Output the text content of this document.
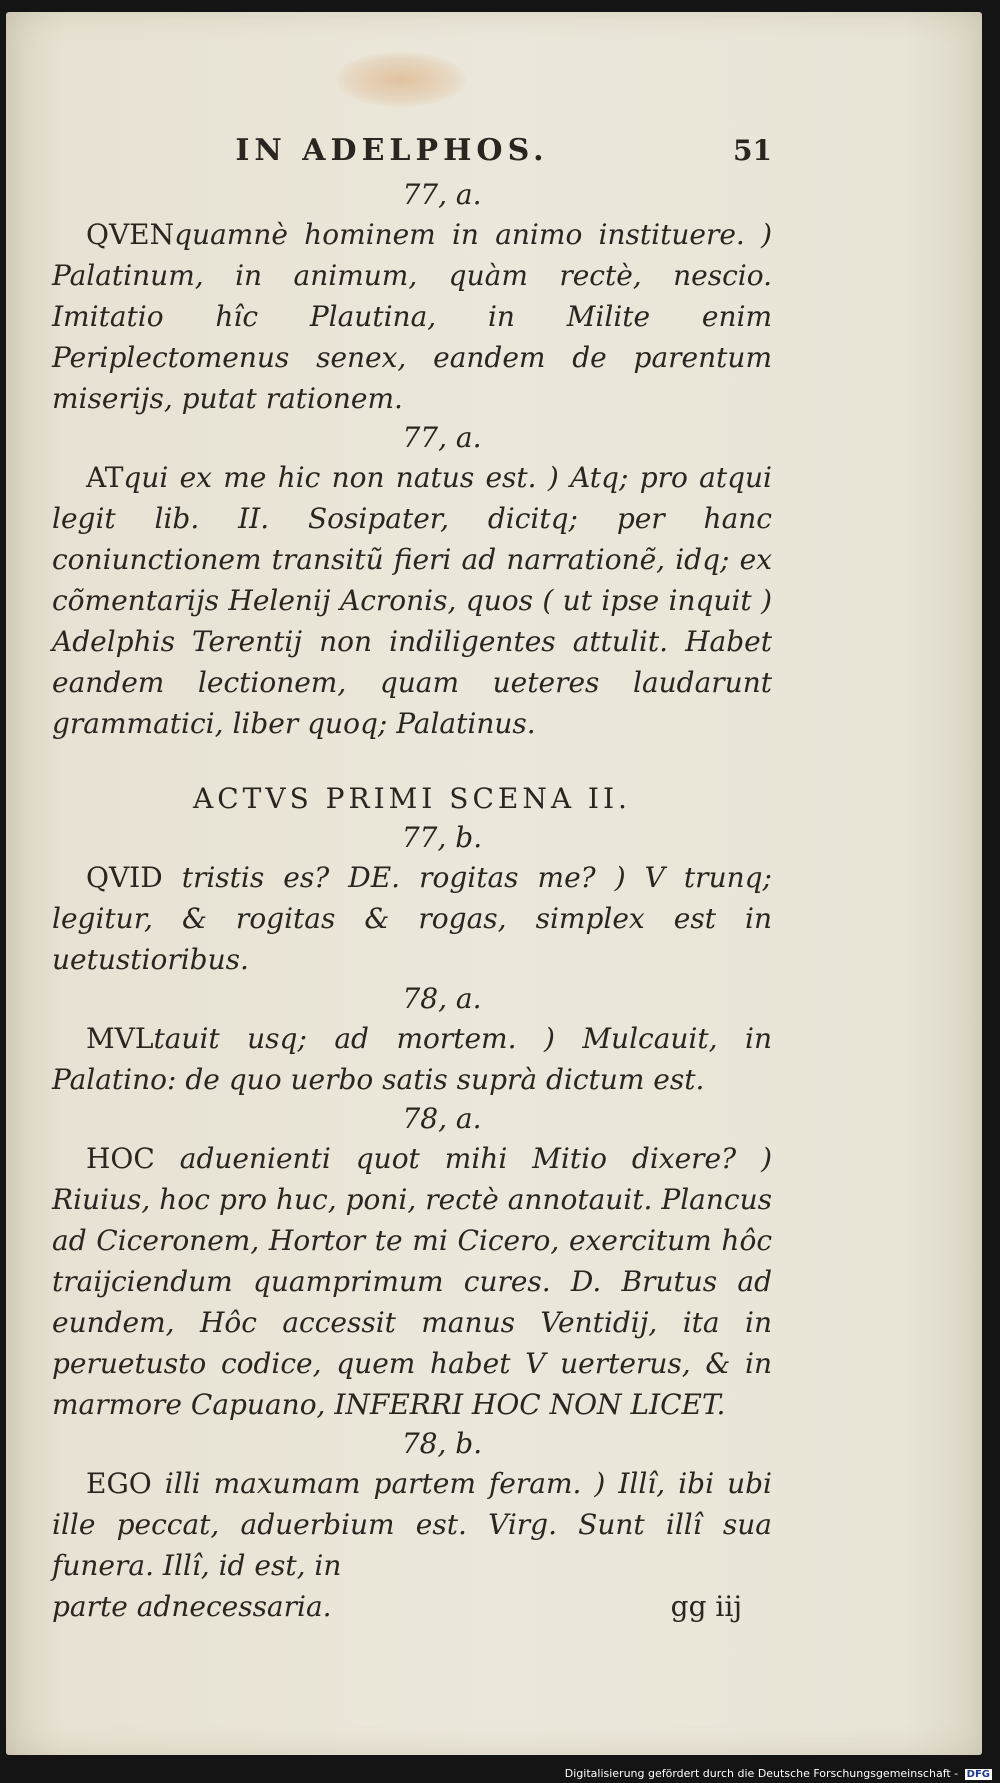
IN ADELPHOS.	51
77, a.

QVENquamnè hominem in animo instituere. ) Palatinum, in animum, quàm rectè, nescio. Imitatio hîc Plautina, in Milite enim Periplectomenus senex, eandem de parentum miserijs, putat rationem.

77, a.

ATqui ex me hic non natus est. ) Atq; pro atqui legit lib. II. Sosipater, dicitq; per hanc coniunctionem transitũ fieri ad narrationẽ, idq; ex cõmentarijs Helenij Acronis, quos ( ut ipse inquit ) Adelphis Terentij non indiligentes attulit. Habet eandem lectionem, quam ueteres laudarunt grammatici, liber quoq; Palatinus.

ACTVS PRIMI SCENA II.
77, b.

QVID tristis es? DE. rogitas me? ) V trunq; legitur, & rogitas & rogas, simplex est in uetustioribus.

78, a.

MVLtauit usq; ad mortem. ) Mulcauit, in Palatino: de quo uerbo satis suprà dictum est.

78, a.

HOC aduenienti quot mihi Mitio dixere? ) Riuius, hoc pro huc, poni, rectè annotauit. Plancus ad Ciceronem, Hortor te mi Cicero, exercitum hôc traijciendum quamprimum cures. D. Brutus ad eundem, Hôc accessit manus Ventidij, ita in peruetusto codice, quem habet V uerterus, & in marmore Capuano, INFERRI HOC NON LICET.

78, b.

EGO illi maxumam partem feram. ) Illî, ibi ubi ille peccat, aduerbium est. Virg. Sunt illî sua funera. Illî, id est, in

parte adnecessaria.	gg iij
Digitalisierung gefördert durch die Deutsche Forschungsgemeinschaft - DFG
